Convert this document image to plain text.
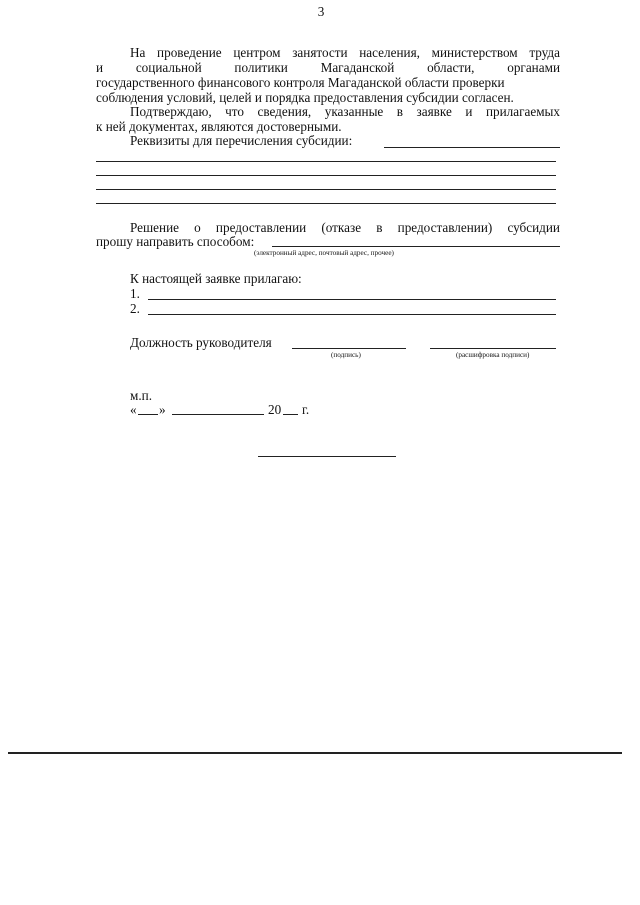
3
На проведение центром занятости населения, министерством труда
и социальной политики Магаданской области, органами
государственного финансового контроля Магаданской области проверки
соблюдения условий, целей и порядка предоставления субсидии согласен.
Подтверждаю, что сведения, указанные в заявке и прилагаемых
к ней документах, являются достоверными.
Реквизиты для перечисления субсидии:
Решение о предоставлении (отказе в предоставлении) субсидии
прошу направить способом:
(электронный адрес, почтовый адрес, прочее)
К настоящей заявке прилагаю:
1.
2.
Должность руководителя
(подпись)	(расшифровка подписи)
м.п.
« »	20 г.
